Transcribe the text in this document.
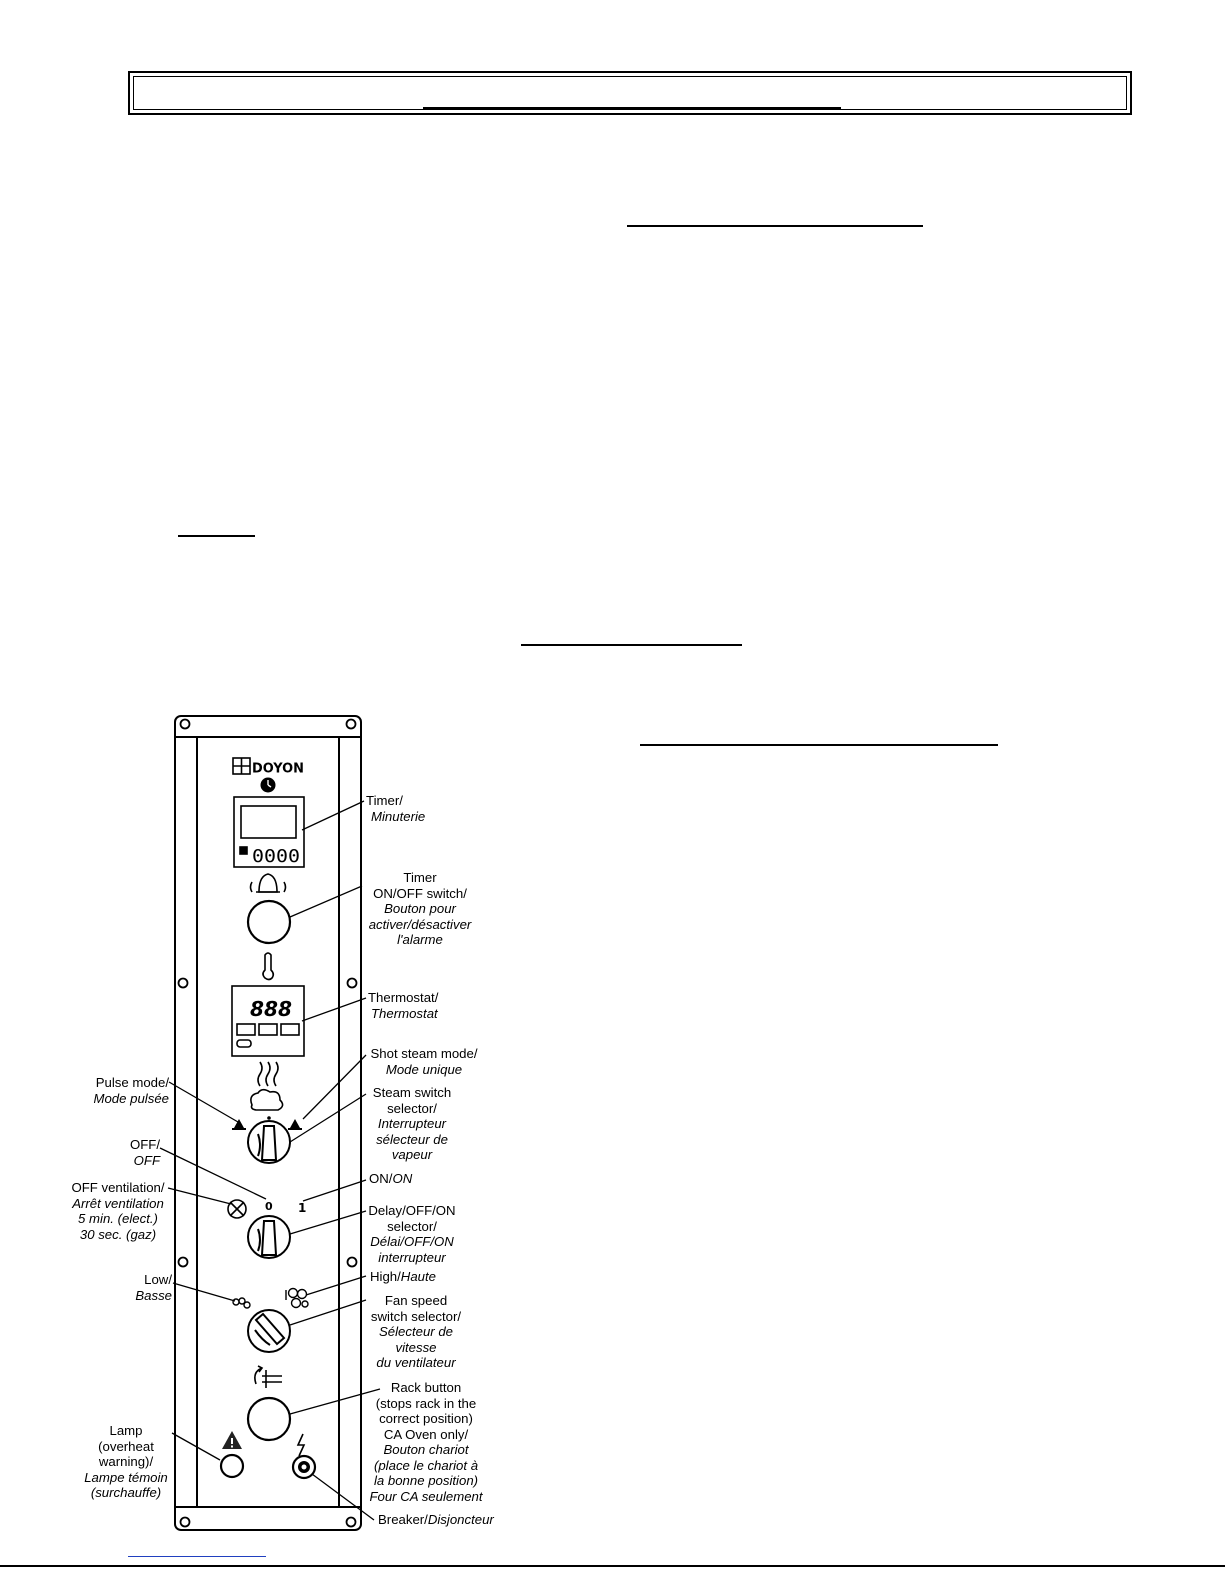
DOYON
0000
888
0 1
Timer/
Minuterie
Timer
ON/OFF switch/
Bouton pour
activer/désactiver
l'alarme
Thermostat/
Thermostat
Shot steam mode/
Mode unique
Steam switch
selector/
Interrupteur
sélecteur de
vapeur
Pulse mode/
Mode pulsée
OFF/
OFF
ON/ON
OFF ventilation/
Arrêt ventilation
5 min. (elect.)
30 sec. (gaz)
Delay/OFF/ON
selector/
Délai/OFF/ON
interrupteur
Low/
Basse
High/Haute
Fan speed
switch selector/
Sélecteur de
vitesse
du ventilateur
Rack button
(stops rack in the
correct position)
CA Oven only/
Bouton chariot
(place le chariot à
la bonne position)
Four CA seulement
Lamp
(overheat
warning)/
Lampe témoin
(surchauffe)
Breaker/Disjoncteur
